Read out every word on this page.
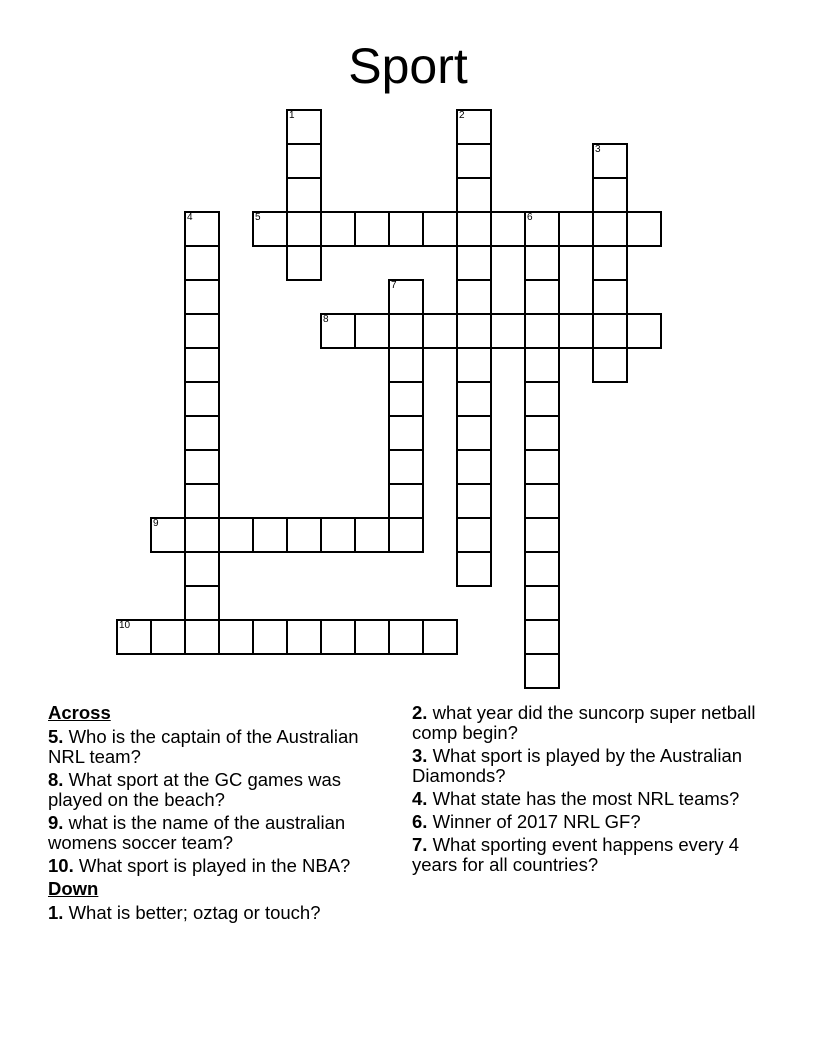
Sport
1	2
3
4	5	6
7
8
9
10
Across
5. Who is the captain of the Australian NRL team?
8. What sport at the GC games was played on the beach?
9. what is the name of the australian womens soccer team?
10. What sport is played in the NBA?
Down
1. What is better; oztag or touch?
2. what year did the suncorp super netball comp begin?
3. What sport is played by the Australian Diamonds?
4. What state has the most NRL teams?
6. Winner of 2017 NRL GF?
7. What sporting event happens every 4 years for all countries?
